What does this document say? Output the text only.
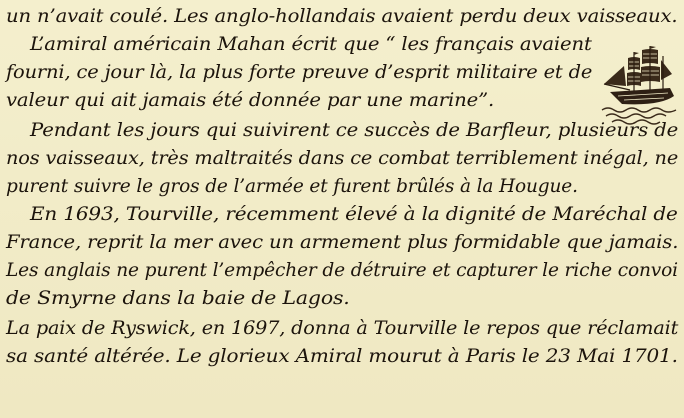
un n’avait coulé. Les anglo-hollandais avaient perdu deux vaisseaux.
L’amiral américain Mahan écrit que “ les français avaient
fourni, ce jour là, la plus forte preuve d’esprit militaire et de
valeur qui ait jamais été donnée par une marine”.
Pendant les jours qui suivirent ce succès de Barfleur, plusieurs de
nos vaisseaux, très maltraités dans ce combat terriblement inégal, ne
purent suivre le gros de l’armée et furent brûlés à la Hougue.
En 1693, Tourville, récemment élevé à la dignité de Maréchal de
France, reprit la mer avec un armement plus formidable que jamais.
Les anglais ne purent l’empêcher de détruire et capturer le riche convoi
de Smyrne dans la baie de Lagos.
La paix de Ryswick, en 1697, donna à Tourville le repos que réclamait
sa santé altérée. Le glorieux Amiral mourut à Paris le 23 Mai 1701.
